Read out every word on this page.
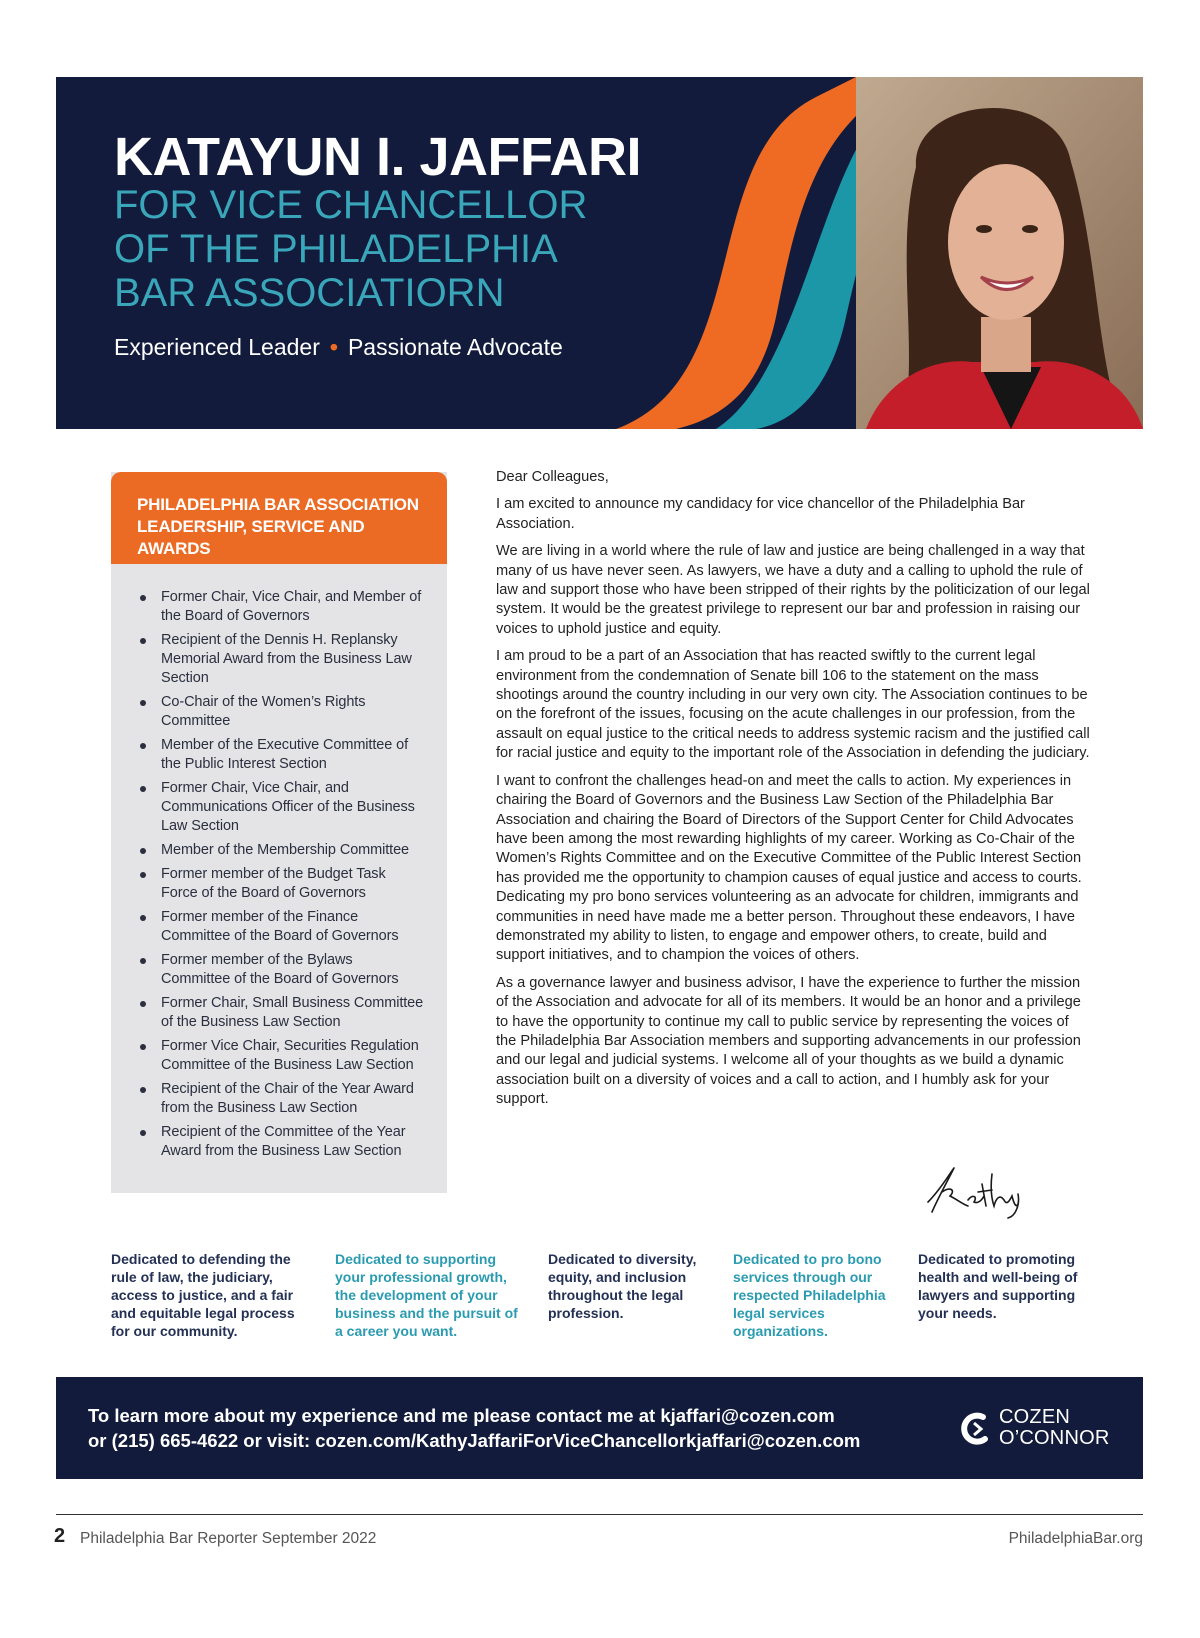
KATAYUN I. JAFFARI
FOR VICE CHANCELLOR
OF THE PHILADELPHIA
BAR ASSOCIATIORN
Experienced Leader • Passionate Advocate
PHILADELPHIA BAR ASSOCIATION
LEADERSHIP, SERVICE AND AWARDS
Former Chair, Vice Chair, and Member of the Board of Governors
Recipient of the Dennis H. Replansky Memorial Award from the Business Law Section
Co-Chair of the Women’s Rights Committee
Member of the Executive Committee of the Public Interest Section
Former Chair, Vice Chair, and Communications Officer of the Business Law Section
Member of the Membership Committee
Former member of the Budget Task Force of the Board of Governors
Former member of the Finance Committee of the Board of Governors
Former member of the Bylaws Committee of the Board of Governors
Former Chair, Small Business Committee of the Business Law Section
Former Vice Chair, Securities Regulation Committee of the Business Law Section
Recipient of the Chair of the Year Award from the Business Law Section
Recipient of the Committee of the Year Award from the Business Law Section

Dear Colleagues,

I am excited to announce my candidacy for vice chancellor of the Philadelphia Bar Association.

We are living in a world where the rule of law and justice are being challenged in a way that many of us have never seen. As lawyers, we have a duty and a calling to uphold the rule of law and support those who have been stripped of their rights by the politicization of our legal system. It would be the greatest privilege to represent our bar and profession in raising our voices to uphold justice and equity.

I am proud to be a part of an Association that has reacted swiftly to the current legal environment from the condemnation of Senate bill 106 to the statement on the mass shootings around the country including in our very own city. The Association continues to be on the forefront of the issues, focusing on the acute challenges in our profession, from the assault on equal justice to the critical needs to address systemic racism and the justified call for racial justice and equity to the important role of the Association in defending the judiciary.

I want to confront the challenges head-on and meet the calls to action. My experiences in chairing the Board of Governors and the Business Law Section of the Philadelphia Bar Association and chairing the Board of Directors of the Support Center for Child Advocates have been among the most rewarding highlights of my career. Working as Co-Chair of the Women’s Rights Committee and on the Executive Committee of the Public Interest Section has provided me the opportunity to champion causes of equal justice and access to courts. Dedicating my pro bono services volunteering as an advocate for children, immigrants and communities in need have made me a better person. Throughout these endeavors, I have demonstrated my ability to listen, to engage and empower others, to create, build and support initiatives, and to champion the voices of others.

As a governance lawyer and business advisor, I have the experience to further the mission of the Association and advocate for all of its members. It would be an honor and a privilege to have the opportunity to continue my call to public service by representing the voices of the Philadelphia Bar Association members and supporting advancements in our profession and our legal and judicial systems. I welcome all of your thoughts as we build a dynamic association built on a diversity of voices and a call to action, and I humbly ask for your support.

Dedicated to defending the rule of law, the judiciary, access to justice, and a fair and equitable legal process for our community.
Dedicated to supporting your professional growth, the development of your business and the pursuit of a career you want.
Dedicated to diversity, equity, and inclusion throughout the legal profession.
Dedicated to pro bono services through our respected Philadelphia legal services organizations.
Dedicated to promoting health and well-being of lawyers and supporting your needs.
To learn more about my experience and me please contact me at kjaffari@cozen.com
or (215) 665-4622 or visit: cozen.com/KathyJaffariForViceChancellorkjaffari@cozen.com
COZEN
O’CONNOR
2 Philadelphia Bar Reporter September 2022	PhiladelphiaBar.org
